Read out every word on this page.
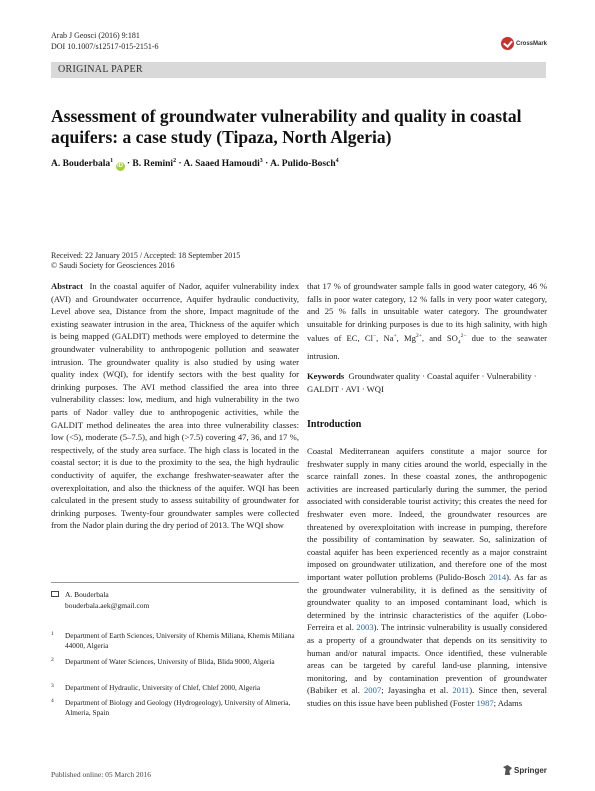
Arab J Geosci (2016) 9:181
DOI 10.1007/s12517-015-2151-6	CrossMark
ORIGINAL PAPER
Assessment of groundwater vulnerability and quality in coastal aquifers: a case study (Tipaza, North Algeria)
A. Bouderbala$^1$ iD · B. Remini$^2$ · A. Saaed Hamoudi$^3$ · A. Pulido-Bosch$^4$
Received: 22 January 2015 / Accepted: 18 September 2015
© Saudi Society for Geosciences 2016
Abstract In the coastal aquifer of Nador, aquifer vulnerability index (AVI) and Groundwater occurrence, Aquifer hydraulic conductivity, Level above sea, Distance from the shore, Impact magnitude of the existing seawater intrusion in the area, Thickness of the aquifer which is being mapped (GALDIT) methods were employed to determine the groundwater vulnerability to anthropogenic pollution and seawater intrusion. The groundwater quality is also studied by using water quality index (WQI), for identify sectors with the best quality for drinking purposes. The AVI method classified the area into three vulnerability classes: low, medium, and high vulnerability in the two parts of Nador valley due to anthropogenic activities, while the GALDIT method delineates the area into three vulnerability classes: low (<5), moderate (5–7.5), and high (>7.5) covering 47, 36, and 17 %, respectively, of the study area surface. The high class is located in the coastal sector; it is due to the proximity to the sea, the high hydraulic conductivity of aquifer, the exchange freshwater-seawater after the overexploitation, and also the thickness of the aquifer. WQI has been calculated in the present study to assess suitability of groundwater for drinking purposes. Twenty-four groundwater samples were collected from the Nador plain during the dry period of 2013. The WQI show
that 17 % of groundwater sample falls in good water category, 46 % falls in poor water category, 12 % falls in very poor water category, and 25 % falls in unsuitable water category. The groundwater unsuitable for drinking purposes is due to its high salinity, with high values of EC, Cl−, Na+, $Mg^{2+}$, and $SO_4^{2-}$ due to the seawater intrusion.
Keywords Groundwater quality · Coastal aquifer · Vulnerability · GALDIT · AVI · WQI
Introduction
Coastal Mediterranean aquifers constitute a major source for freshwater supply in many cities around the world, especially in the scarce rainfall zones. In these coastal zones, the anthropogenic activities are increased particularly during the summer, the period associated with considerable tourist activity; this creates the need for freshwater even more. Indeed, the groundwater resources are threatened by overexploitation with increase in pumping, therefore the possibility of contamination by seawater. So, salinization of coastal aquifer has been experienced recently as a major constraint imposed on groundwater utilization, and therefore one of the most important water pollution problems (Pulido-Bosch 2014). As far as the groundwater vulnerability, it is defined as the sensitivity of groundwater quality to an imposed contaminant load, which is determined by the intrinsic characteristics of the aquifer (Lobo-Ferreira et al. 2003). The intrinsic vulnerability is usually considered as a property of a groundwater that depends on its sensitivity to human and/or natural impacts. Once identified, these vulnerable areas can be targeted by careful land-use planning, intensive monitoring, and by contamination prevention of groundwater (Babiker et al. 2007; Jayasingha et al. 2011). Since then, several studies on this issue have been published (Foster 1987; Adams
A. Bouderbala
bouderbala.aek@gmail.com
1	Department of Earth Sciences, University of Khemis Miliana, Khemis Miliana 44000, Algeria
2	Department of Water Sciences, University of Blida, Blida 9000, Algeria
3	Department of Hydraulic, University of Chlef, Chlef 2000, Algeria
4	Department of Biology and Geology (Hydrogeology), University of Almeria, Almeria, Spain
Published online: 05 March 2016	Springer
